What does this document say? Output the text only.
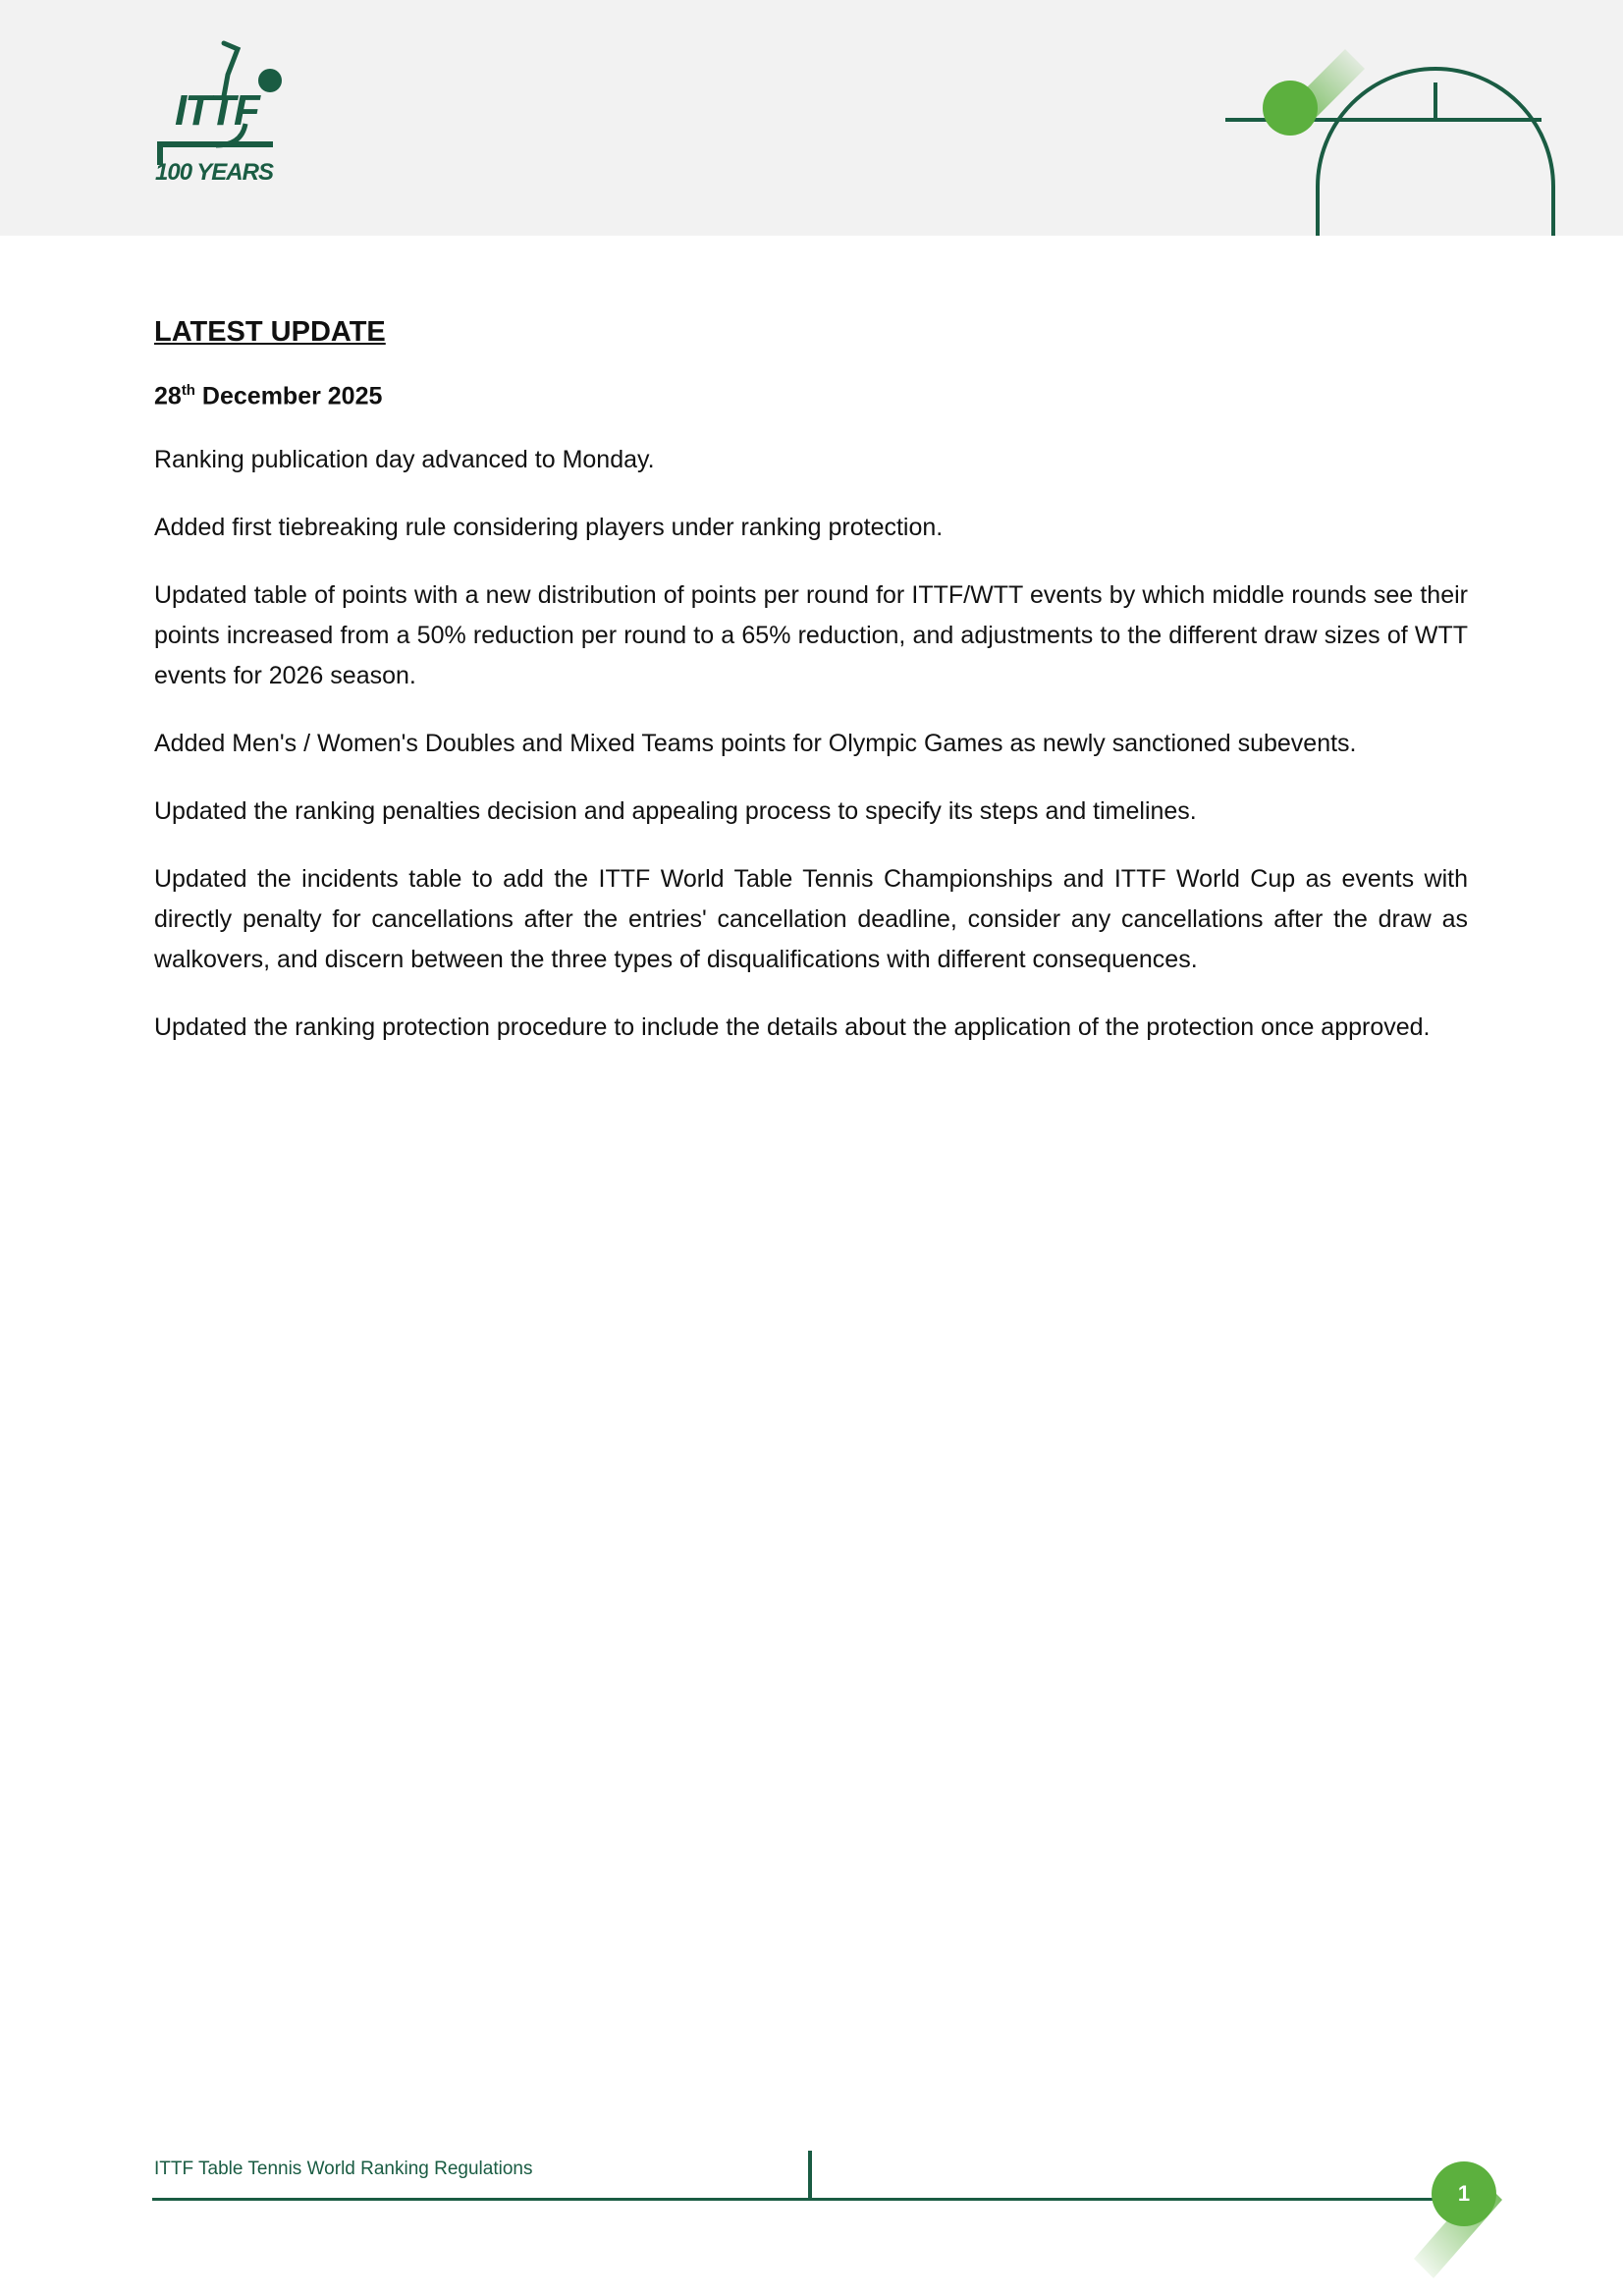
ITTF
100 YEARS
LATEST UPDATE

28th December 2025

Ranking publication day advanced to Monday.

Added first tiebreaking rule considering players under ranking protection.

Updated table of points with a new distribution of points per round for ITTF/WTT events by which middle rounds see their points increased from a 50% reduction per round to a 65% reduction, and adjustments to the different draw sizes of WTT events for 2026 season.

Added Men's / Women's Doubles and Mixed Teams points for Olympic Games as newly sanctioned subevents.

Updated the ranking penalties decision and appealing process to specify its steps and timelines.

Updated the incidents table to add the ITTF World Table Tennis Championships and ITTF World Cup as events with directly penalty for cancellations after the entries' cancellation deadline, consider any cancellations after the draw as walkovers, and discern between the three types of disqualifications with different consequences.

Updated the ranking protection procedure to include the details about the application of the protection once approved.

ITTF Table Tennis World Ranking Regulations
1
